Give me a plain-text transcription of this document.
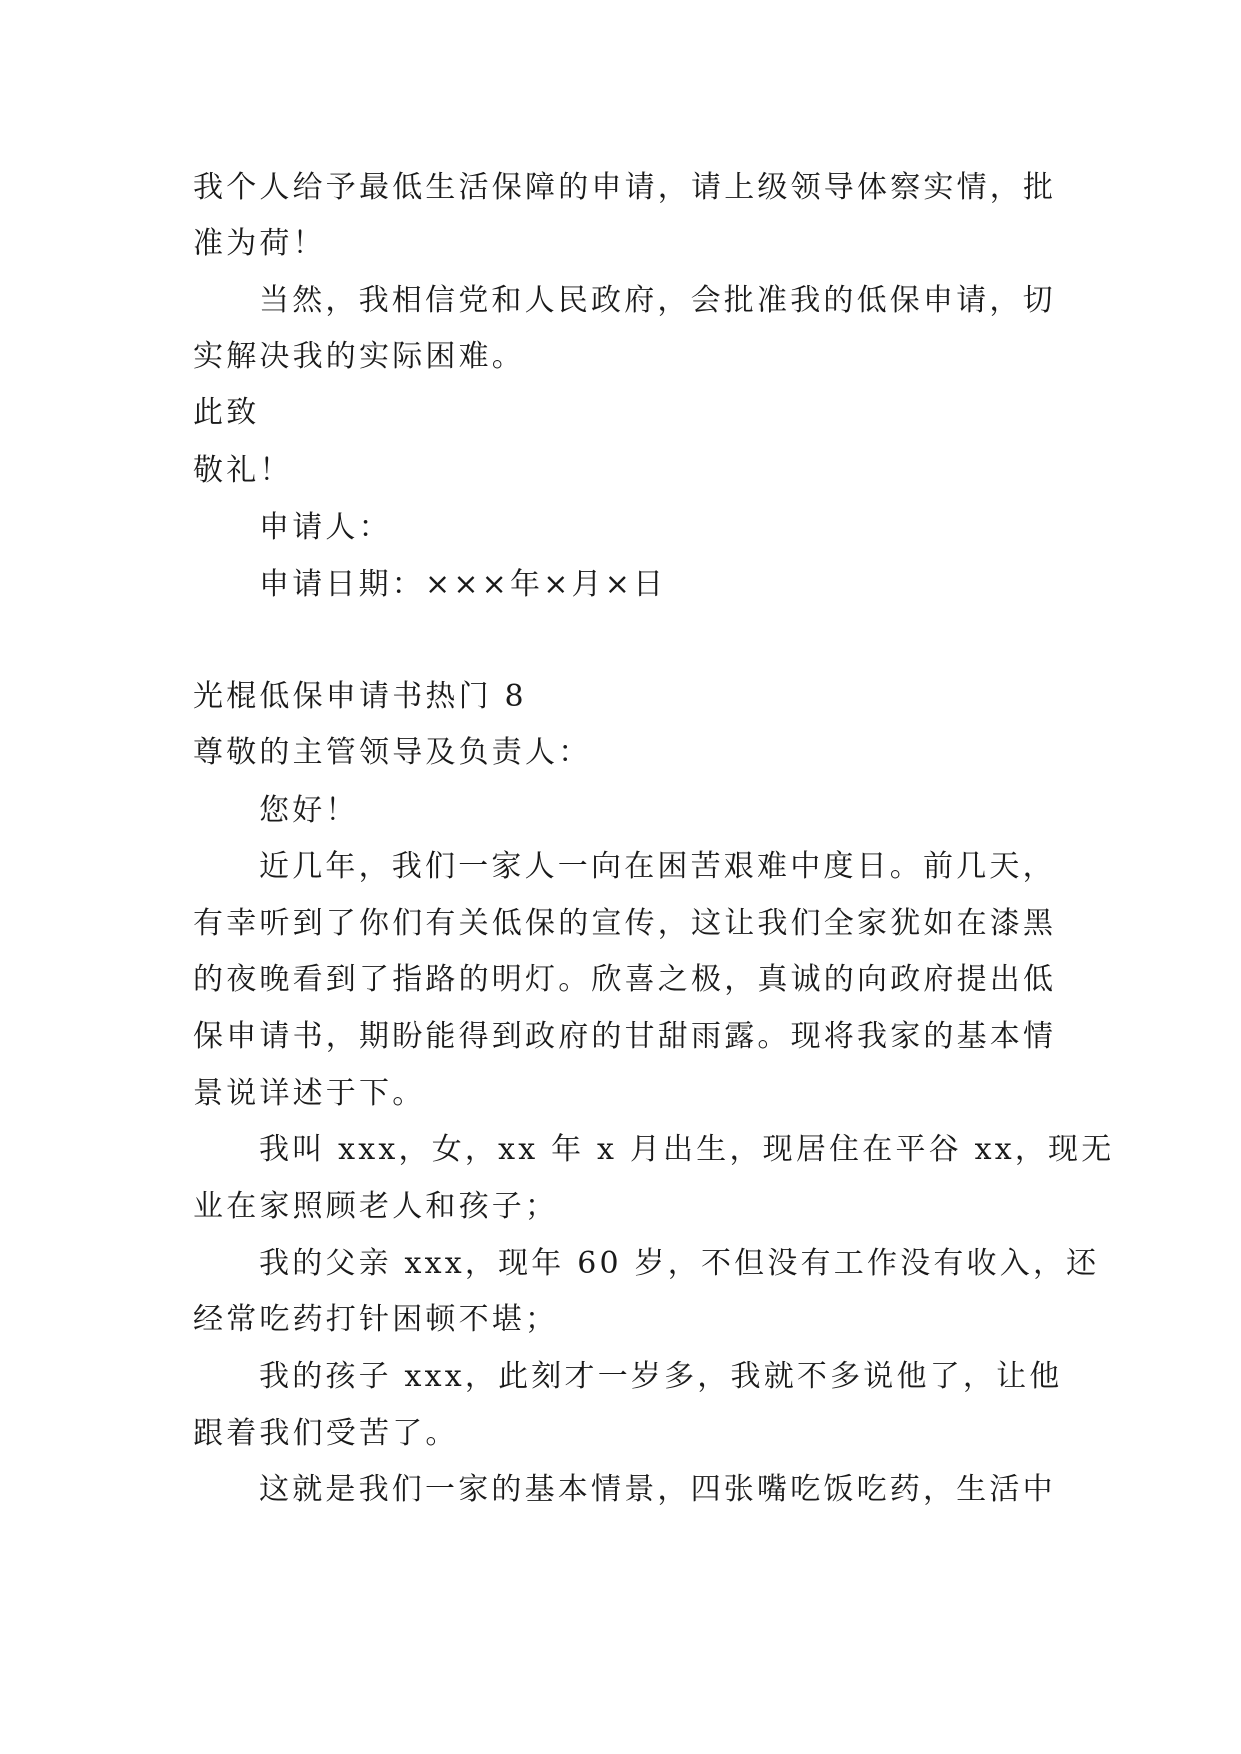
我个人给予最低生活保障的申请，请上级领导体察实情，批
准为荷！
当然，我相信党和人民政府，会批准我的低保申请，切
实解决我的实际困难。
此致
敬礼！
申请人：
申请日期：×××年×月×日
光棍低保申请书热门 8
尊敬的主管领导及负责人：
您好！
近几年，我们一家人一向在困苦艰难中度日。前几天，
有幸听到了你们有关低保的宣传，这让我们全家犹如在漆黑
的夜晚看到了指路的明灯。欣喜之极，真诚的向政府提出低
保申请书，期盼能得到政府的甘甜雨露。现将我家的基本情
景说详述于下。
我叫 xxx，女，xx 年 x 月出生，现居住在平谷 xx，现无
业在家照顾老人和孩子；
我的父亲 xxx，现年 60 岁，不但没有工作没有收入，还
经常吃药打针困顿不堪；
我的孩子 xxx，此刻才一岁多，我就不多说他了，让他
跟着我们受苦了。
这就是我们一家的基本情景，四张嘴吃饭吃药，生活中
